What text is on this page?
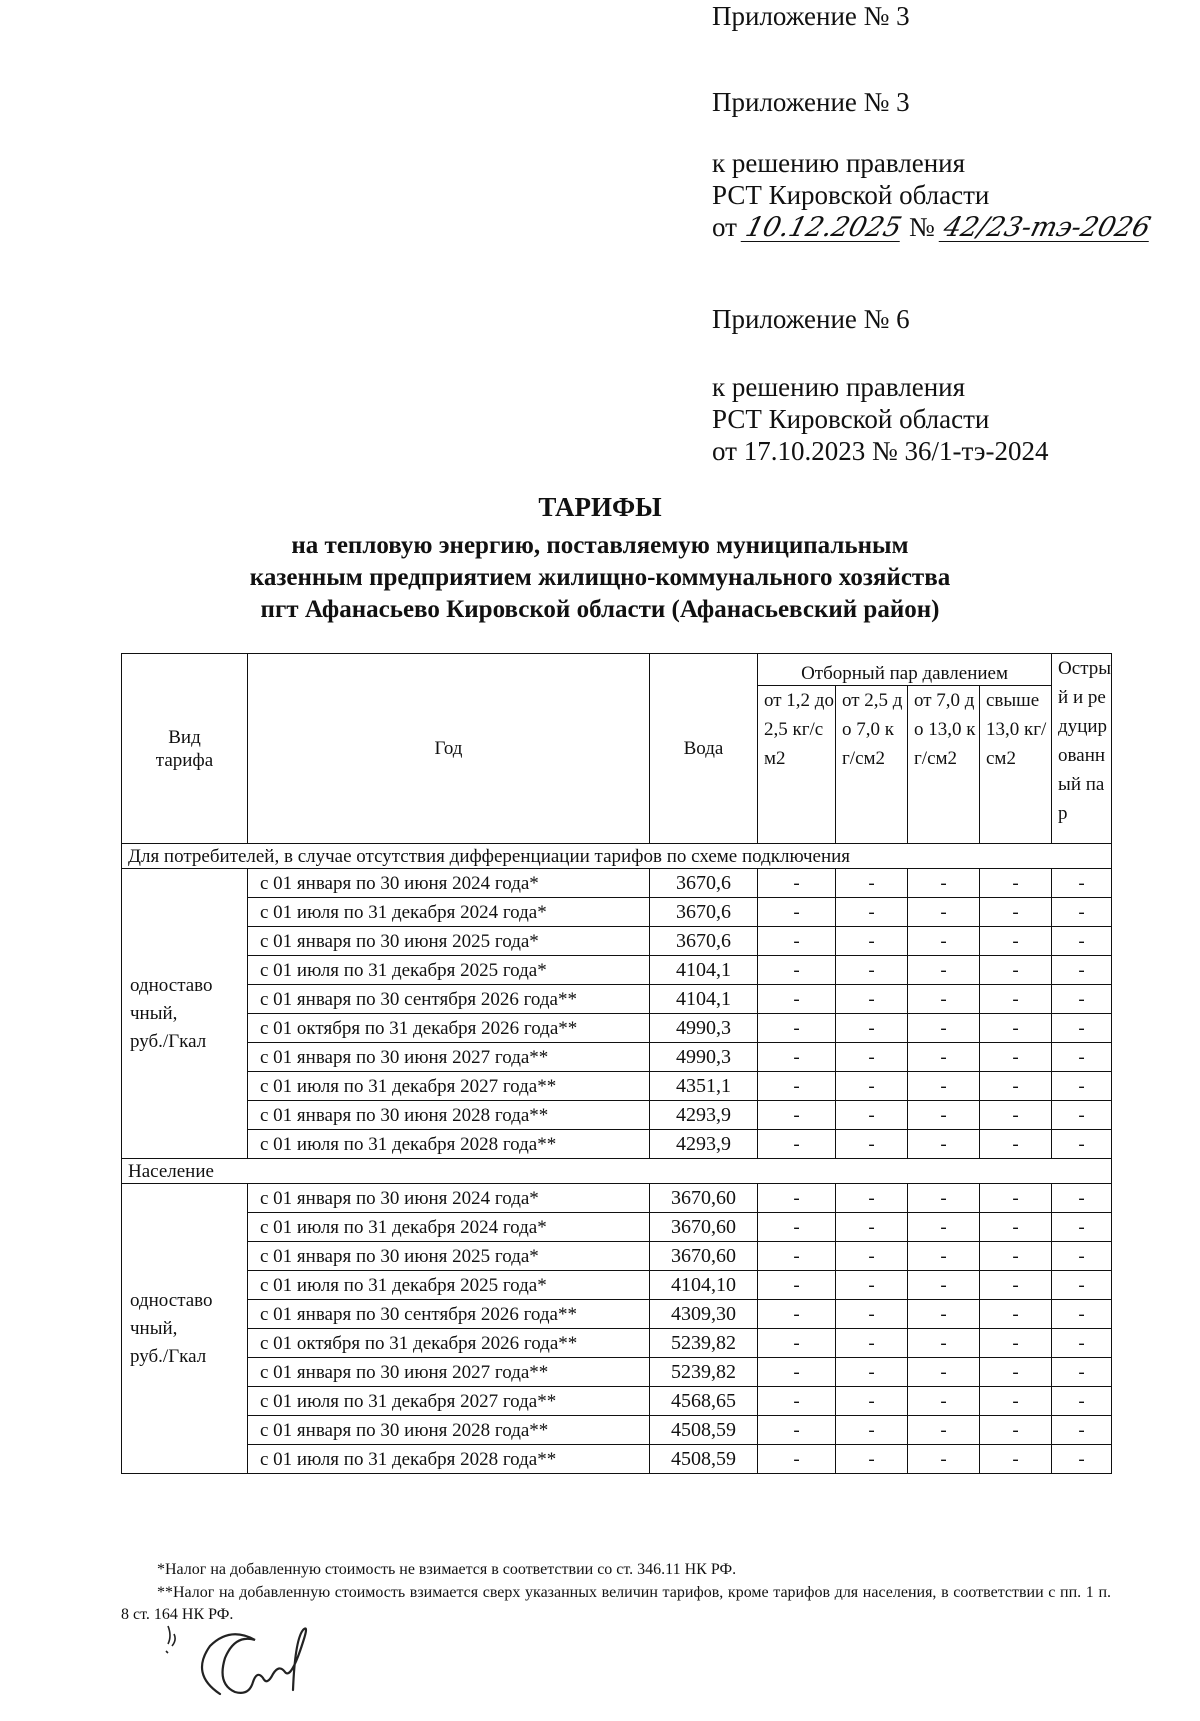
Приложение № 3
Приложение № 3
к решению правления
РСТ Кировской области
от 10.12.2025 № 42/23-тэ-2026
Приложение № 6
к решению правления
РСТ Кировской области
от 17.10.2023 № 36/1-тэ-2024
ТАРИФЫ
на тепловую энергию, поставляемую муниципальным
казенным предприятием жилищно-коммунального хозяйства
пгт Афанасьево Кировской области (Афанасьевский район)
Вид тарифа	Год	Вода	Отборный пар давлением				Острый и редуцированный пар
			от 1,2 до 2,5 кг/см2	от 2,5 до 7,0 кг/см2	от 7,0 до 13,0 кг/см2	свыше 13,0 кг/см2	
Для потребителей, в случае отсутствия дифференциации тарифов по схеме подключения							

одноставо
чный,
руб./Гкал	с 01 января по 30 июня 2024 года*	3670,6	-	-	-	-	-
	с 01 июля по 31 декабря 2024 года*	3670,6	-	-	-	-	-
	с 01 января по 30 июня 2025 года*	3670,6	-	-	-	-	-
	с 01 июля по 31 декабря 2025 года*	4104,1	-	-	-	-	-
	с 01 января по 30 сентября 2026 года**	4104,1	-	-	-	-	-
	с 01 октября по 31 декабря 2026 года**	4990,3	-	-	-	-	-
	с 01 января по 30 июня 2027 года**	4990,3	-	-	-	-	-
	с 01 июля по 31 декабря 2027 года**	4351,1	-	-	-	-	-
	с 01 января по 30 июня 2028 года**	4293,9	-	-	-	-	-
	с 01 июля по 31 декабря 2028 года**	4293,9	-	-	-	-	-
Население							

одноставо
чный,
руб./Гкал	с 01 января по 30 июня 2024 года*	3670,60	-	-	-	-	-
	с 01 июля по 31 декабря 2024 года*	3670,60	-	-	-	-	-
	с 01 января по 30 июня 2025 года*	3670,60	-	-	-	-	-
	с 01 июля по 31 декабря 2025 года*	4104,10	-	-	-	-	-
	с 01 января по 30 сентября 2026 года**	4309,30	-	-	-	-	-
	с 01 октября по 31 декабря 2026 года**	5239,82	-	-	-	-	-
	с 01 января по 30 июня 2027 года**	5239,82	-	-	-	-	-
	с 01 июля по 31 декабря 2027 года**	4568,65	-	-	-	-	-
	с 01 января по 30 июня 2028 года**	4508,59	-	-	-	-	-
	с 01 июля по 31 декабря 2028 года**	4508,59	-	-	-	-	-
*Налог на добавленную стоимость не взимается в соответствии со ст. 346.11 НК РФ.
**Налог на добавленную стоимость взимается сверх указанных величин тарифов, кроме тарифов для населения, в соответствии с пп. 1 п. 8 ст. 164 НК РФ.
